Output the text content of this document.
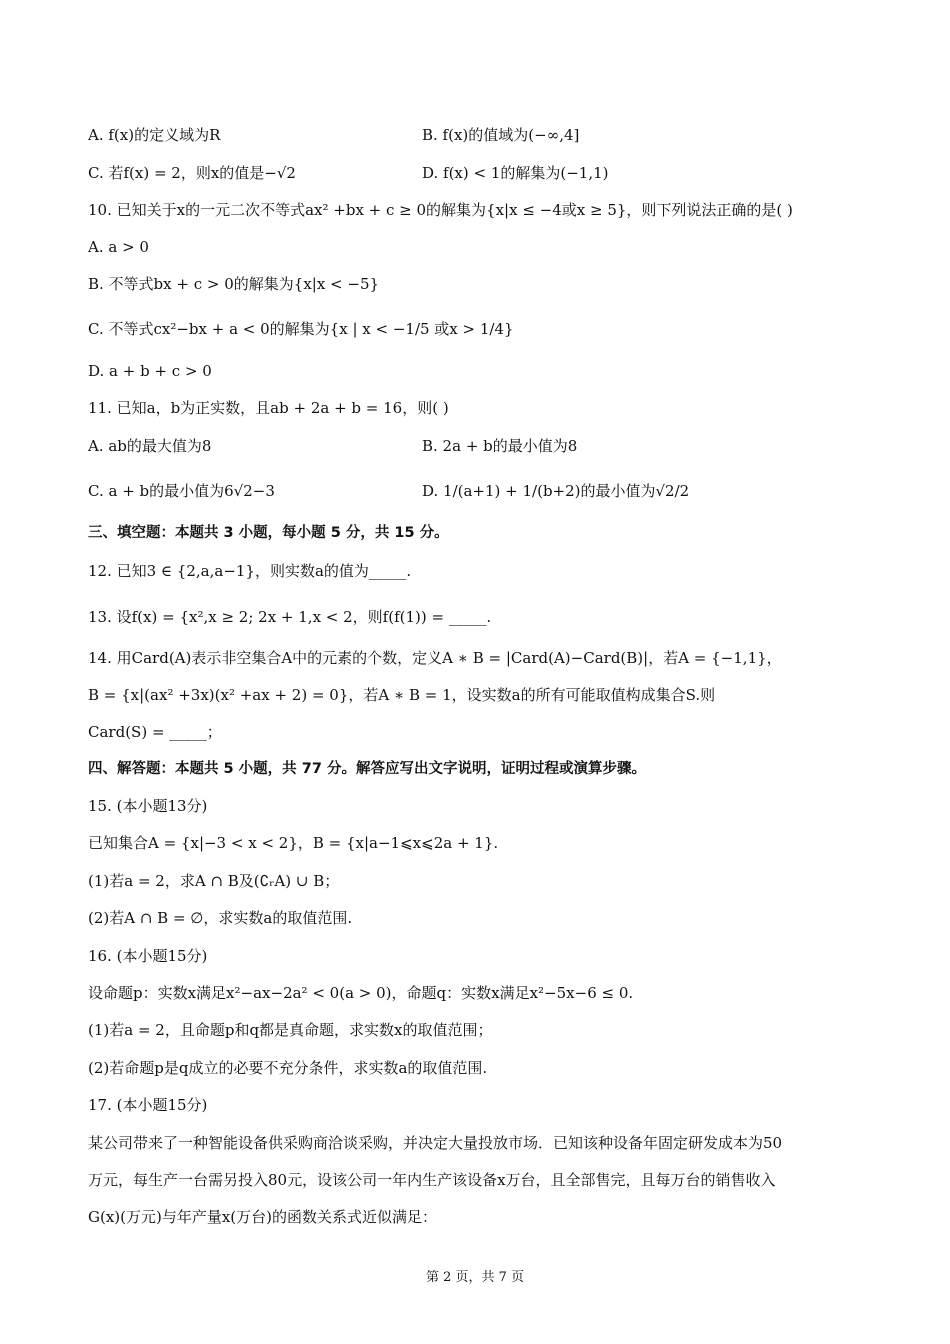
A. f(x)的定义域为R	B. f(x)的值域为(−∞,4]
C. 若f(x) = 2，则x的值是−√2	D. f(x) < 1的解集为(−1,1)
10. 已知关于x的一元二次不等式ax² +bx + c ≥ 0的解集为{x|x ≤ −4或x ≥ 5}，则下列说法正确的是( )
A. a > 0
B. 不等式bx + c > 0的解集为{x|x < −5}
C. 不等式cx²−bx + a < 0的解集为{x | x < −1/5 或x > 1/4}
D. a + b + c > 0
11. 已知a，b为正实数，且ab + 2a + b = 16，则( )
A. ab的最大值为8	B. 2a + b的最小值为8
C. a + b的最小值为6√2−3	D. 1/(a+1) + 1/(b+2)的最小值为√2/2
三、填空题：本题共 3 小题，每小题 5 分，共 15 分。
12. 已知3 ∈ {2,a,a−1}，则实数a的值为_____.
13. 设f(x) = {x²,x ≥ 2; 2x + 1,x < 2，则f(f(1)) = _____.
14. 用Card(A)表示非空集合A中的元素的个数，定义A ∗ B = |Card(A)−Card(B)|，若A = {−1,1}，
B = {x|(ax² +3x)(x² +ax + 2) = 0}，若A ∗ B = 1，设实数a的所有可能取值构成集合S.则
Card(S) = _____；
四、解答题：本题共 5 小题，共 77 分。解答应写出文字说明，证明过程或演算步骤。
15. (本小题13分)
已知集合A = {x|−3 < x < 2}，B = {x|a−1⩽x⩽2a + 1}.
(1)若a = 2，求A ∩ B及(∁ᵣA) ∪ B；
(2)若A ∩ B = ∅，求实数a的取值范围.
16. (本小题15分)
设命题p：实数x满足x²−ax−2a² < 0(a > 0)，命题q：实数x满足x²−5x−6 ≤ 0.
(1)若a = 2，且命题p和q都是真命题，求实数x的取值范围；
(2)若命题p是q成立的必要不充分条件，求实数a的取值范围.
17. (本小题15分)
某公司带来了一种智能设备供采购商洽谈采购，并决定大量投放市场．已知该种设备年固定研发成本为50
万元，每生产一台需另投入80元，设该公司一年内生产该设备x万台，且全部售完，且每万台的销售收入
G(x)(万元)与年产量x(万台)的函数关系式近似满足：
第 2 页，共 7 页
